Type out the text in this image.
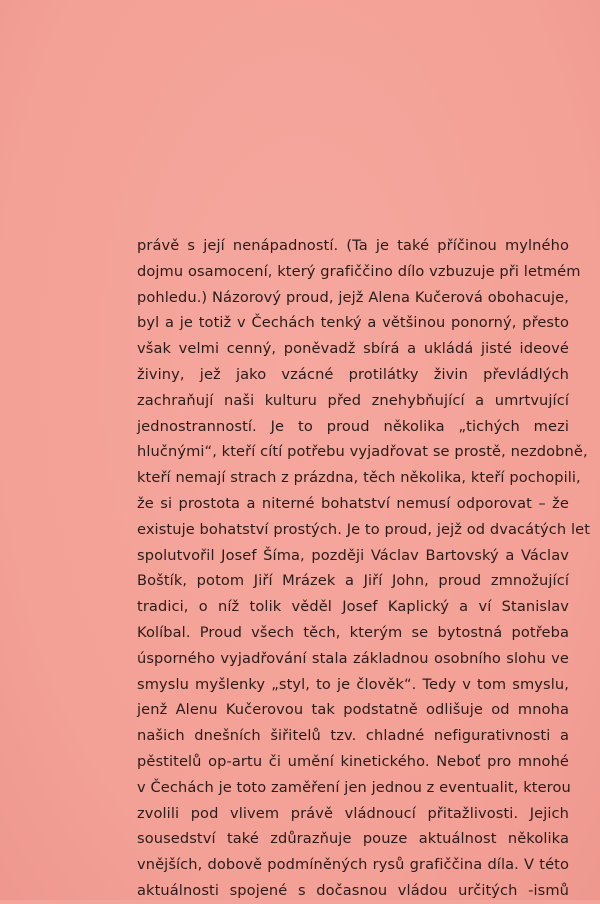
právě s její nenápadností. (Ta je také příčinou mylného
dojmu osamocení, který grafiččino dílo vzbuzuje při letmém
pohledu.) Názorový proud, jejž Alena Kučerová obohacuje,
byl a je totiž v Čechách tenký a většinou ponorný, přesto
však velmi cenný, poněvadž sbírá a ukládá jisté ideové
živiny, jež jako vzácné protilátky živin převládlých
zachraňují naši kulturu před znehybňující a umrtvující
jednostranností. Je to proud několika „tichých mezi
hlučnými“, kteří cítí potřebu vyjadřovat se prostě, nezdobně,
kteří nemají strach z prázdna, těch několika, kteří pochopili,
že si prostota a niterné bohatství nemusí odporovat – že
existuje bohatství prostých. Je to proud, jejž od dvacátých let
spolutvořil Josef Šíma, později Václav Bartovský a Václav
Boštík, potom Jiří Mrázek a Jiří John, proud zmnožující
tradici, o níž tolik věděl Josef Kaplický a ví Stanislav
Kolíbal. Proud všech těch, kterým se bytostná potřeba
úsporného vyjadřování stala základnou osobního slohu ve
smyslu myšlenky „styl, to je člověk“. Tedy v tom smyslu,
jenž Alenu Kučerovou tak podstatně odlišuje od mnoha
našich dnešních šiřitelů tzv. chladné nefigurativnosti a
pěstitelů op-artu či umění kinetického. Neboť pro mnohé
v Čechách je toto zaměření jen jednou z eventualit, kterou
zvolili pod vlivem právě vládnoucí přitažlivosti. Jejich
sousedství také zdůrazňuje pouze aktuálnost několika
vnějších, dobově podmíněných rysů grafiččina díla. V této
aktuálnosti spojené s dočasnou vládou určitých -ismů
